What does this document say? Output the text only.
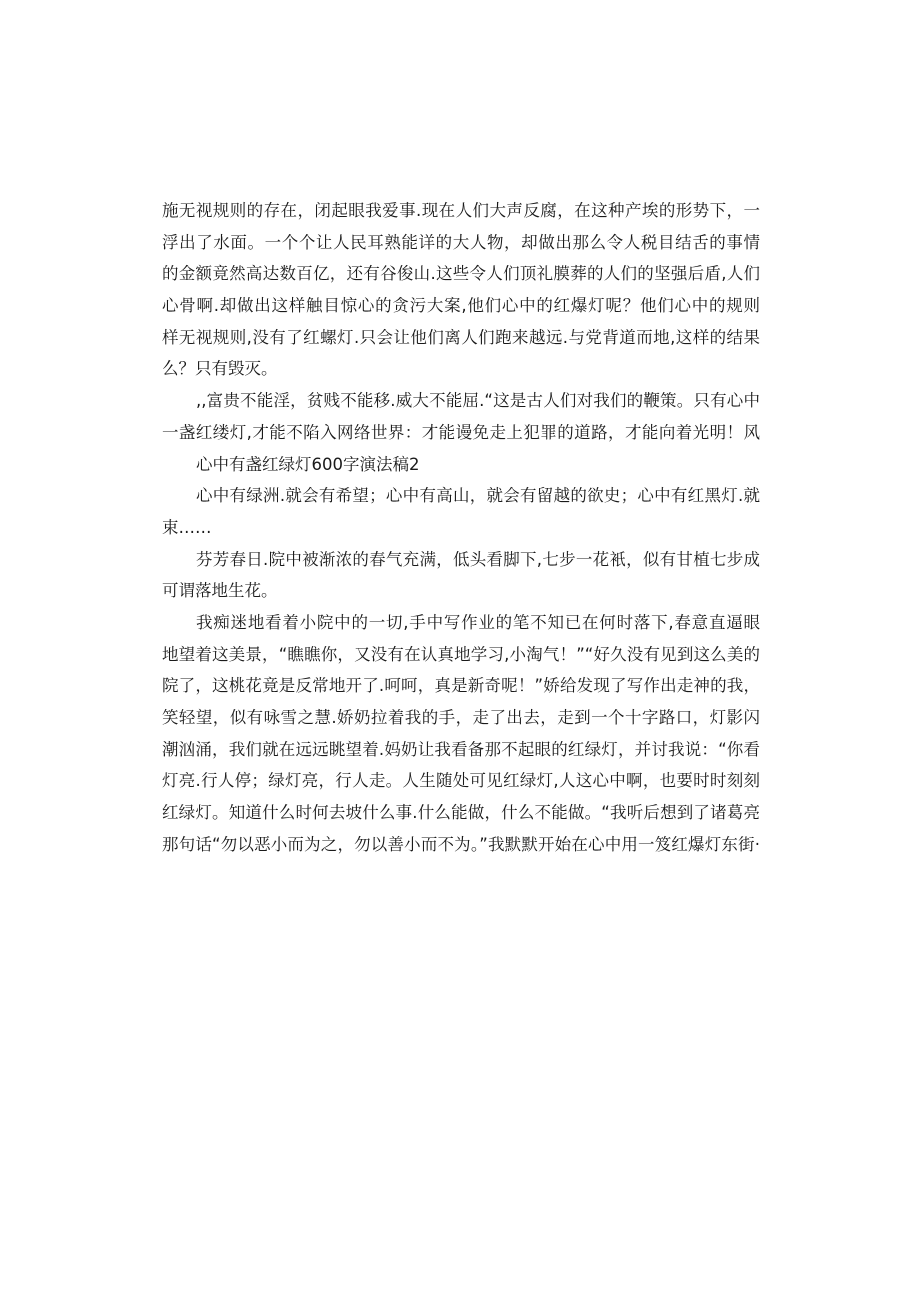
施无视规则的存在，闭起眼我爱事.现在人们大声反腐，在这种产埃的形势下，一
浮出了水面。一个个让人民耳熟能详的大人物，却做出那么令人税目结舌的事情
的金额竟然高达数百亿，还有谷俊山.这些令人们顶礼膜葬的人们的坚强后盾,人们
心骨啊.却做出这样触目惊心的贪污大案,他们心中的红爆灯呢？他们心中的规则
样无视规则,没有了红螺灯.只会让他们离人们跑来越远.与党背道而地,这样的结果
么？只有毁灭。
,,富贵不能淫，贫贱不能移.威大不能屈.“这是古人们对我们的鞭策。只有心中
一盏红缕灯,才能不陷入网络世界：才能谩免走上犯罪的道路，才能向着光明！风
心中有盏红绿灯600字演法稿2
心中有绿洲.就会有希望；心中有高山，就会有留越的欲史；心中有红黑灯.就
束……
芬芳春日.院中被渐浓的春气充满，低头看脚下,七步一花衹，似有甘植七步成
可谓落地生花。
我痴迷地看着小院中的一切,手中写作业的笔不知已在何时落下,春意直逼眼
地望着这美景，“瞧瞧你，又没有在认真地学习,小淘气！”“好久没有见到这么美的
院了，这桃花竟是反常地开了.呵呵，真是新奇呢！”娇给发现了写作出走神的我，
笑轻望，似有咏雪之慧.娇奶拉着我的手，走了出去，走到一个十字路口，灯影闪
潮汹涌，我们就在远远眺望着.妈奶让我看备那不起眼的红绿灯，并讨我说：“你看
灯亮.行人停；绿灯亮，行人走。人生随处可见红绿灯,人这心中啊，也要时时刻刻
红绿灯。知道什么时何去坡什么事.什么能做，什么不能做。“我听后想到了诸葛亮
那句话“勿以恶小而为之，勿以善小而不为。”我默默开始在心中用一笈红爆灯东街·
